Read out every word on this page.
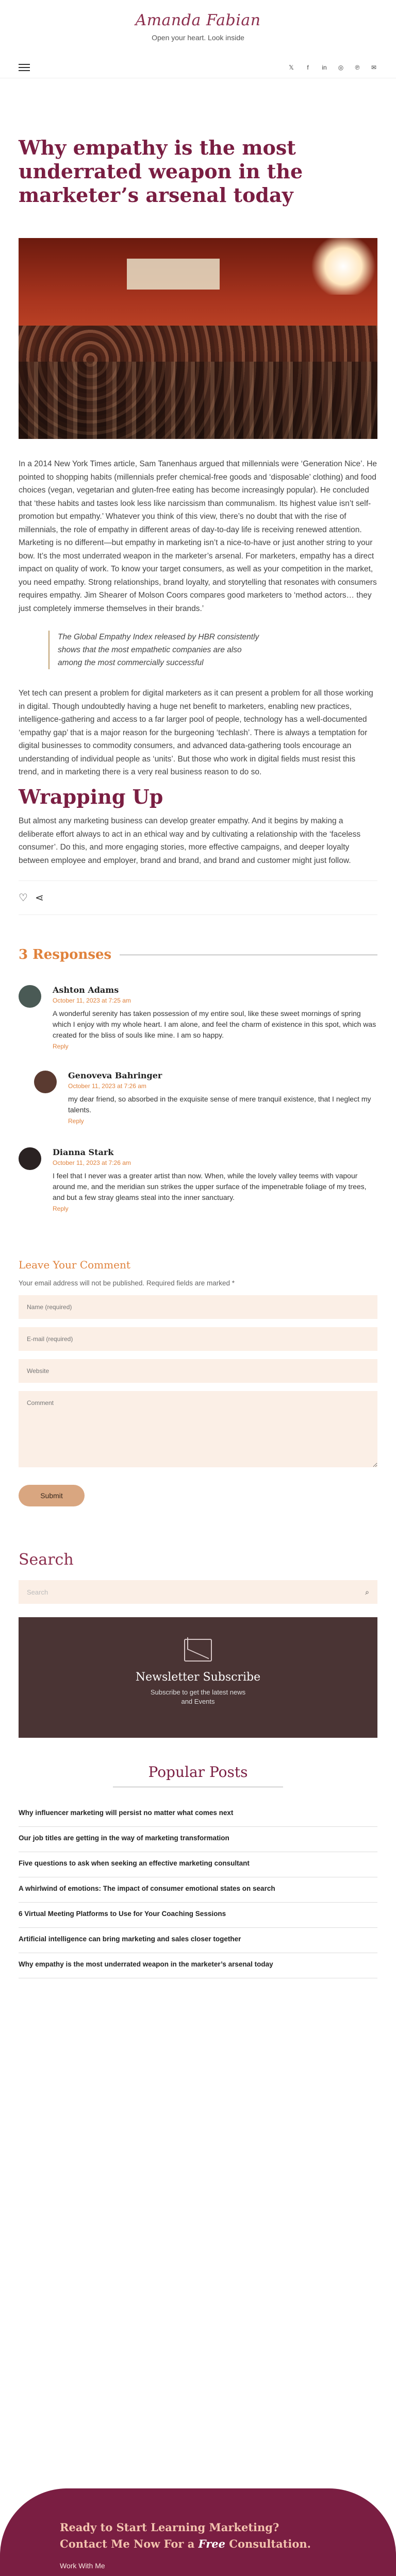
Amanda Fabian
Open your heart. Look inside
𝕏	f	in ◎ ℗ ✉
Why empathy is the most underrated weapon in the marketer’s arsenal today

In a 2014 New York Times article, Sam Tanenhaus argued that millennials were ‘Generation Nice’. He pointed to shopping habits (millennials prefer chemical-free goods and ‘disposable’ clothing) and food choices (vegan, vegetarian and gluten-free eating has become increasingly popular). He concluded that ‘these habits and tastes look less like narcissism than communalism. Its highest value isn’t self-promotion but empathy.’ Whatever you think of this view, there’s no doubt that with the rise of millennials, the role of empathy in different areas of day-to-day life is receiving renewed attention. Marketing is no different—but empathy in marketing isn’t a nice-to-have or just another string to your bow. It’s the most underrated weapon in the marketer’s arsenal. For marketers, empathy has a direct impact on quality of work. To know your target consumers, as well as your competition in the market, you need empathy. Strong relationships, brand loyalty, and storytelling that resonates with consumers requires empathy. Jim Shearer of Molson Coors compares good marketers to ‘method actors… they just completely immerse themselves in their brands.’

The Global Empathy Index released by HBR consistently shows that the most empathetic companies are also among the most commercially successful

Yet tech can present a problem for digital marketers as it can present a problem for all those working in digital. Though undoubtedly having a huge net benefit to marketers, enabling new practices, intelligence-gathering and access to a far larger pool of people, technology has a well-documented ‘empathy gap’ that is a major reason for the burgeoning ‘techlash’. There is always a temptation for digital businesses to commodity consumers, and advanced data-gathering tools encourage an understanding of individual people as ‘units’. But those who work in digital fields must resist this trend, and in marketing there is a very real business reason to do so.

Wrapping Up

But almost any marketing business can develop greater empathy. And it begins by making a deliberate effort always to act in an ethical way and by cultivating a relationship with the ‘faceless consumer’. Do this, and more engaging stories, more effective campaigns, and deeper loyalty between employee and employer, brand and brand, and brand and customer might just follow.

♡ ⋖
3 Responses
Ashton Adams
October 11, 2023 at 7:25 am
A wonderful serenity has taken possession of my entire soul, like these sweet mornings of spring which I enjoy with my whole heart. I am alone, and feel the charm of existence in this spot, which was created for the bliss of souls like mine. I am so happy.
Reply
Genoveva Bahringer
October 11, 2023 at 7:26 am
my dear friend, so absorbed in the exquisite sense of mere tranquil existence, that I neglect my talents.
Reply
Dianna Stark
October 11, 2023 at 7:26 am
I feel that I never was a greater artist than now. When, while the lovely valley teems with vapour around me, and the meridian sun strikes the upper surface of the impenetrable foliage of my trees, and but a few stray gleams steal into the inner sanctuary.
Reply
Leave Your Comment
Your email address will not be published. Required fields are marked *
Name (required)
E-mail (required)
Website
Comment Submit
Search
Search	⌕
Newsletter Subscribe
Subscribe to get the latest news and Events
Popular Posts
Why influencer marketing will persist no matter what comes next
Our job titles are getting in the way of marketing transformation
Five questions to ask when seeking an effective marketing consultant
A whirlwind of emotions: The impact of consumer emotional states on search
6 Virtual Meeting Platforms to Use for Your Coaching Sessions
Artificial intelligence can bring marketing and sales closer together
Why empathy is the most underrated weapon in the marketer’s arsenal today
Ready to Start Learning Marketing?
Contact Me Now For a Free Consultation.
Work With Me
